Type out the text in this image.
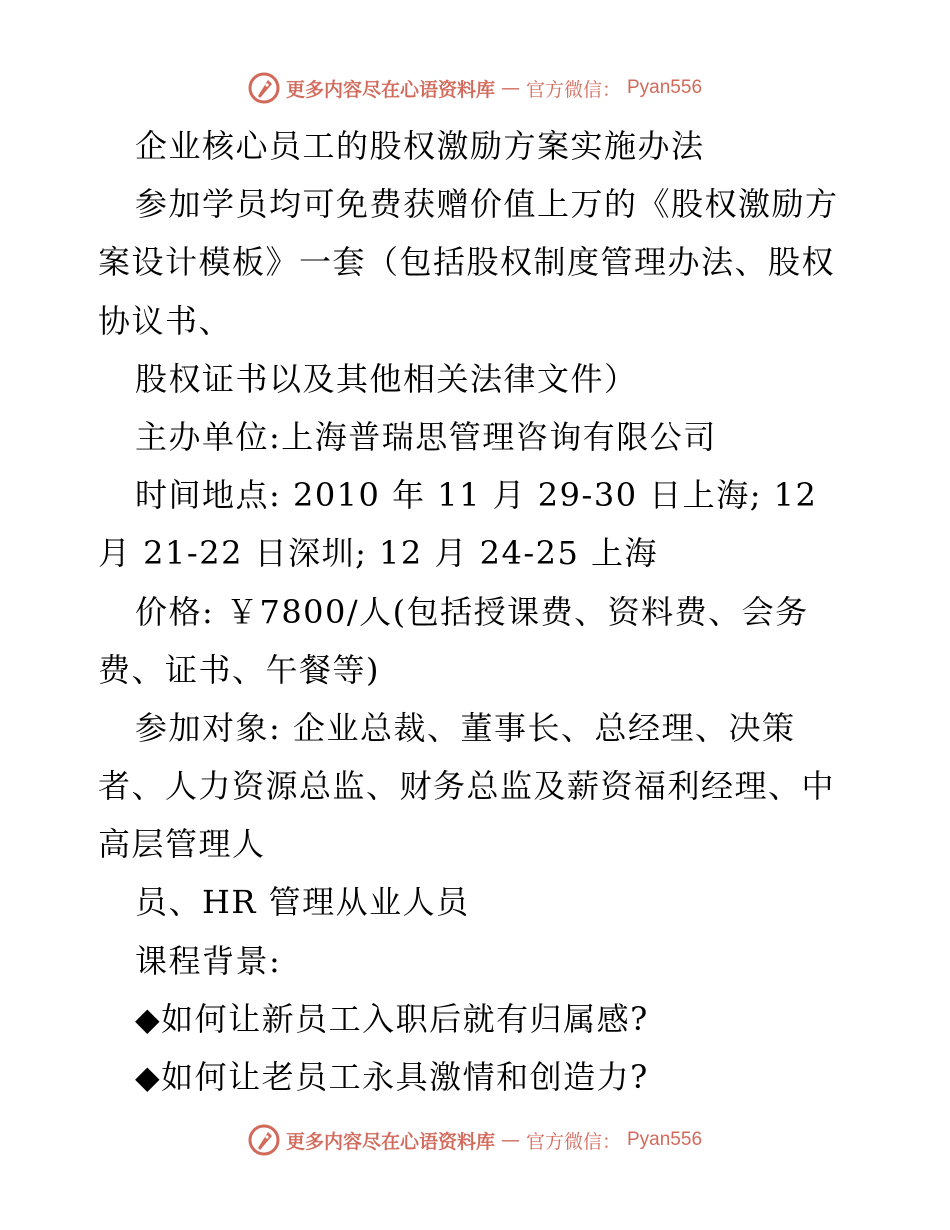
更多内容尽在心语资料库 — 官方微信： Pyan556
企业核心员工的股权激励方案实施办法
参加学员均可免费获赠价值上万的《股权激励方
案设计模板》一套（包括股权制度管理办法、股权
协议书、
股权证书以及其他相关法律文件）
主办单位:上海普瑞思管理咨询有限公司
时间地点: 2010 年 11 月 29-30 日上海; 12
月 21-22 日深圳; 12 月 24-25 上海
价格: ￥7800/人(包括授课费、资料费、会务
费、证书、午餐等)
参加对象: 企业总裁、董事长、总经理、决策
者、人力资源总监、财务总监及薪资福利经理、中
高层管理人
员、HR 管理从业人员
课程背景:
◆如何让新员工入职后就有归属感?
◆如何让老员工永具激情和创造力?
更多内容尽在心语资料库 — 官方微信： Pyan556
